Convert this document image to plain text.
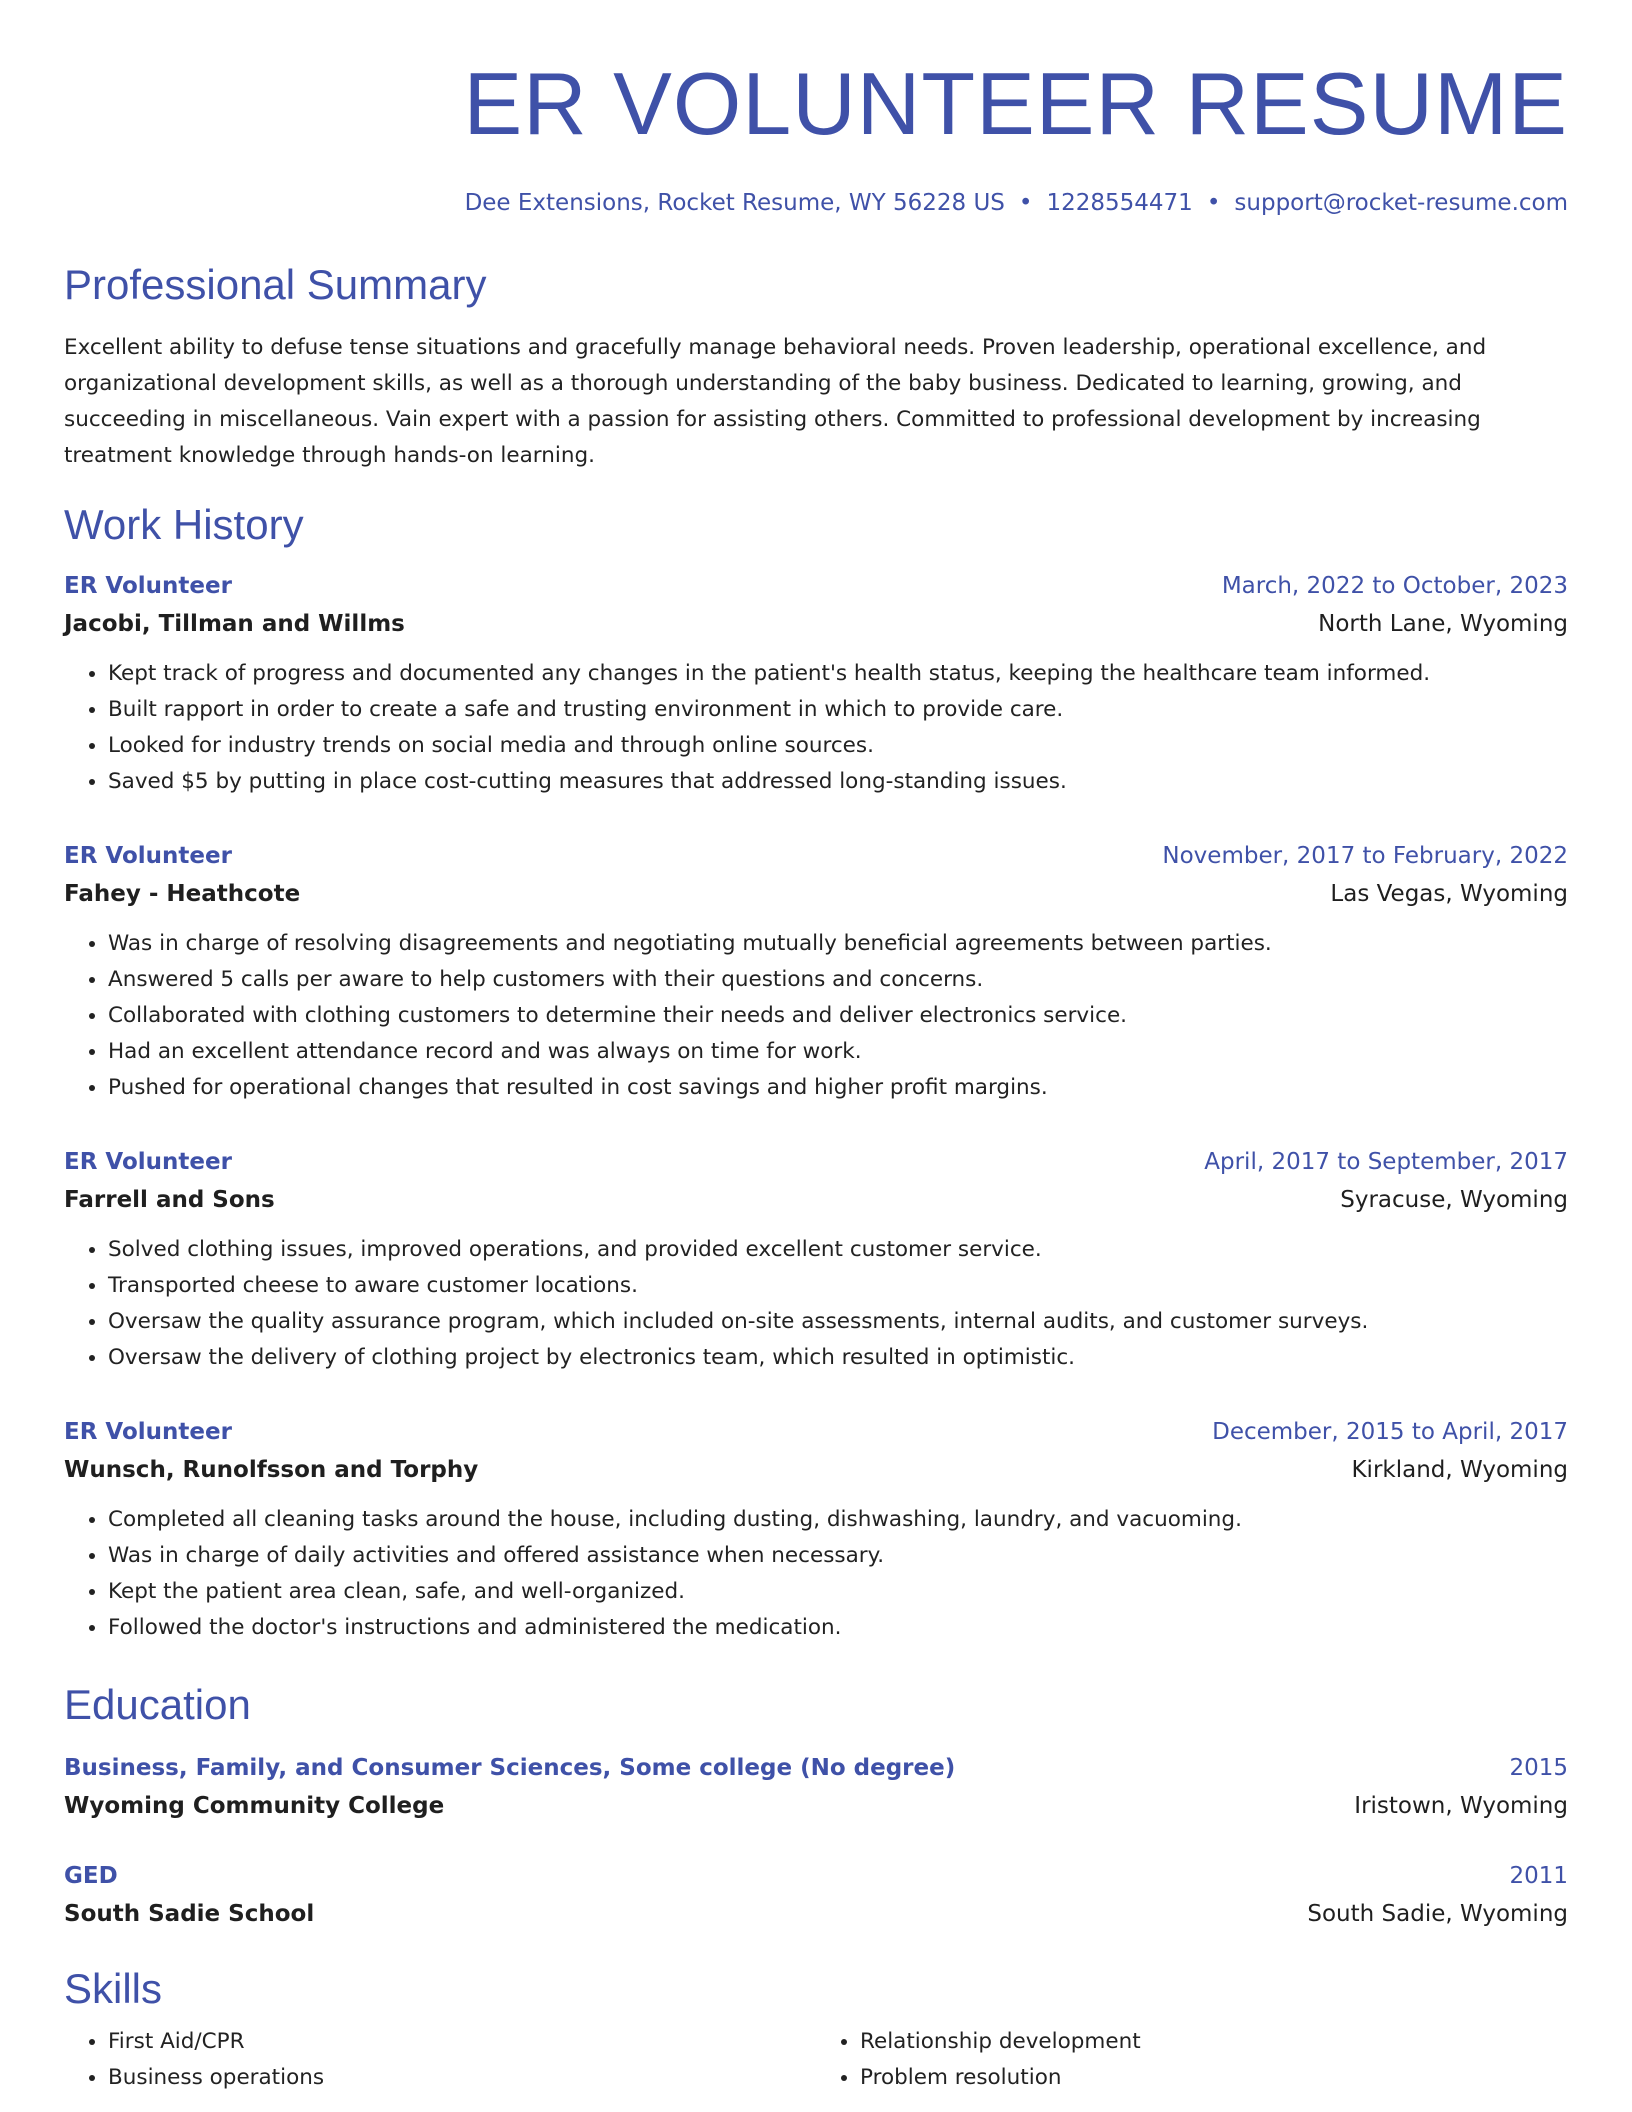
ER VOLUNTEER RESUME
Dee Extensions, Rocket Resume, WY 56228 US • 1228554471 • support@rocket-resume.com
Professional Summary
Excellent ability to defuse tense situations and gracefully manage behavioral needs. Proven leadership, operational excellence, and organizational development skills, as well as a thorough understanding of the baby business. Dedicated to learning, growing, and succeeding in miscellaneous. Vain expert with a passion for assisting others. Committed to professional development by increasing treatment knowledge through hands-on learning.
Work History
ER Volunteer	March, 2022 to October, 2023
Jacobi, Tillman and Willms	North Lane, Wyoming
• Kept track of progress and documented any changes in the patient's health status, keeping the healthcare team informed.
• Built rapport in order to create a safe and trusting environment in which to provide care.
• Looked for industry trends on social media and through online sources.
• Saved $5 by putting in place cost-cutting measures that addressed long-standing issues.
ER Volunteer	November, 2017 to February, 2022
Fahey - Heathcote	Las Vegas, Wyoming
• Was in charge of resolving disagreements and negotiating mutually beneficial agreements between parties.
• Answered 5 calls per aware to help customers with their questions and concerns.
• Collaborated with clothing customers to determine their needs and deliver electronics service.
• Had an excellent attendance record and was always on time for work.
• Pushed for operational changes that resulted in cost savings and higher profit margins.
ER Volunteer	April, 2017 to September, 2017
Farrell and Sons	Syracuse, Wyoming
• Solved clothing issues, improved operations, and provided excellent customer service.
• Transported cheese to aware customer locations.
• Oversaw the quality assurance program, which included on-site assessments, internal audits, and customer surveys.
• Oversaw the delivery of clothing project by electronics team, which resulted in optimistic.
ER Volunteer	December, 2015 to April, 2017
Wunsch, Runolfsson and Torphy	Kirkland, Wyoming
• Completed all cleaning tasks around the house, including dusting, dishwashing, laundry, and vacuoming.
• Was in charge of daily activities and offered assistance when necessary.
• Kept the patient area clean, safe, and well-organized.
• Followed the doctor's instructions and administered the medication.
Education
Business, Family, and Consumer Sciences, Some college (No degree)	2015
Wyoming Community College	Iristown, Wyoming
GED	2011
South Sadie School	South Sadie, Wyoming
Skills
• First Aid/CPR
• Business operations
• Relationship development
• Problem resolution
